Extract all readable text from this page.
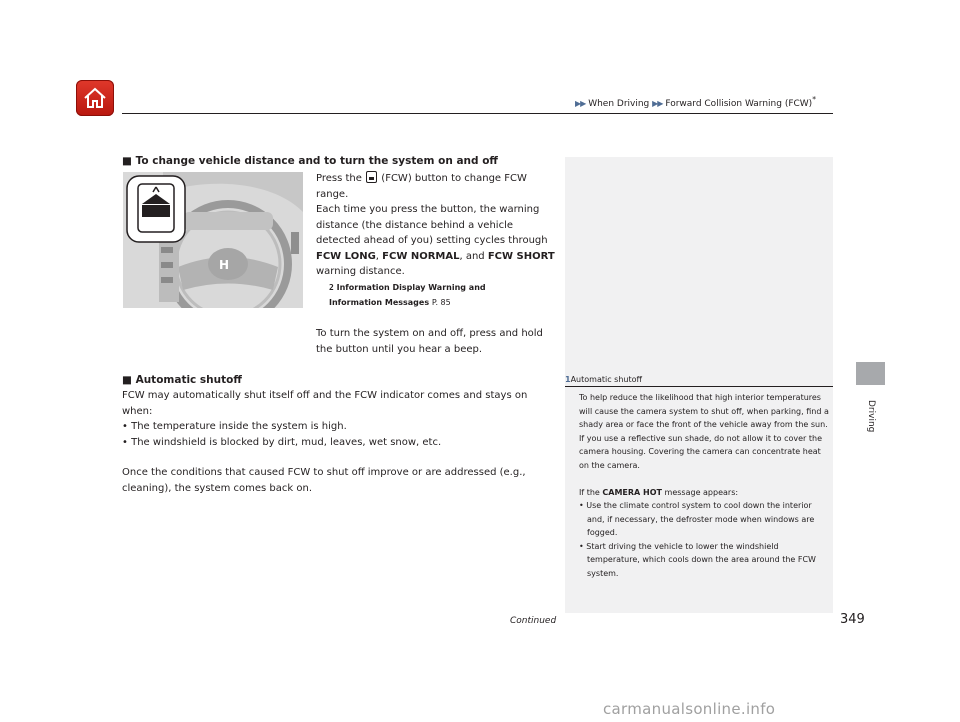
▶▶ When Driving ▶▶ Forward Collision Warning (FCW)*
Driving
■ To change vehicle distance and to turn the system on and off
H
Press the (FCW) button to change FCW range.
Each time you press the button, the warning distance (the distance behind a vehicle detected ahead of you) setting cycles through FCW LONG, FCW NORMAL, and FCW SHORT warning distance.
2 Information Display Warning and
Information Messages P. 85
To turn the system on and off, press and hold the button until you hear a beep.
■ Automatic shutoff
FCW may automatically shut itself off and the FCW indicator comes and stays on when:
• The temperature inside the system is high.
• The windshield is blocked by dirt, mud, leaves, wet snow, etc.
Once the conditions that caused FCW to shut off improve or are addressed (e.g., cleaning), the system comes back on.
1Automatic shutoff
To help reduce the likelihood that high interior temperatures will cause the camera system to shut off, when parking, find a shady area or face the front of the vehicle away from the sun. If you use a reflective sun shade, do not allow it to cover the camera housing. Covering the camera can concentrate heat on the camera.
If the CAMERA HOT message appears:
• Use the climate control system to cool down the interior and, if necessary, the defroster mode when windows are fogged.
• Start driving the vehicle to lower the windshield temperature, which cools down the area around the FCW system.
Continued	349
carmanualsonline.info
